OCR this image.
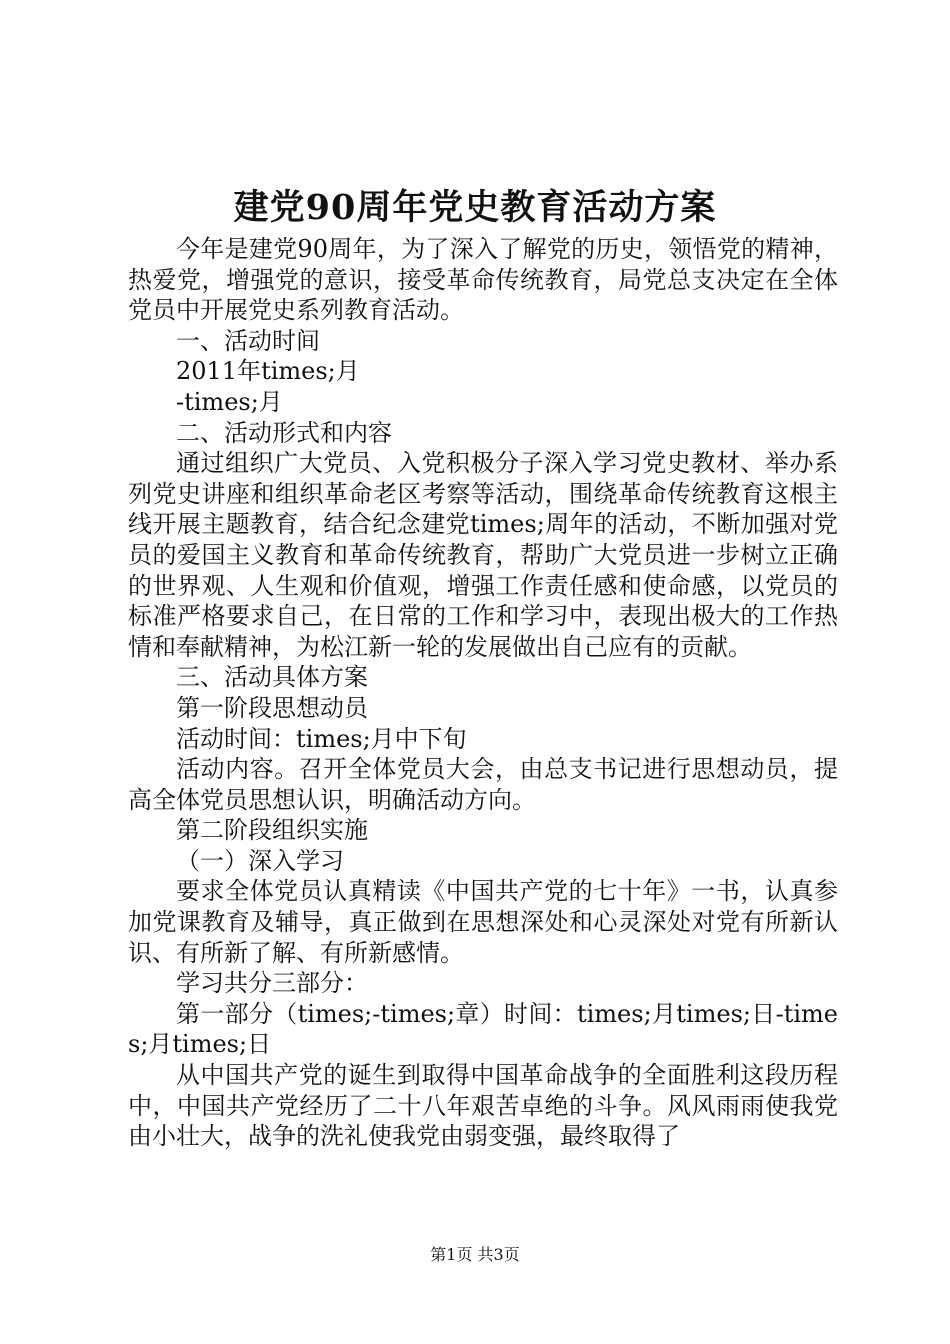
建党90周年党史教育活动方案

今年是建党90周年，为了深入了解党的历史，领悟党的精神，热爱党，增强党的意识，接受革命传统教育，局党总支决定在全体党员中开展党史系列教育活动。

一、活动时间

2011年times;月

-times;月

二、活动形式和内容

通过组织广大党员、入党积极分子深入学习党史教材、举办系列党史讲座和组织革命老区考察等活动，围绕革命传统教育这根主线开展主题教育，结合纪念建党times;周年的活动，不断加强对党员的爱国主义教育和革命传统教育，帮助广大党员进一步树立正确的世界观、人生观和价值观，增强工作责任感和使命感，以党员的标准严格要求自己，在日常的工作和学习中，表现出极大的工作热情和奉献精神，为松江新一轮的发展做出自己应有的贡献。

三、活动具体方案

第一阶段思想动员

活动时间：times;月中下旬

活动内容。召开全体党员大会，由总支书记进行思想动员，提高全体党员思想认识，明确活动方向。

第二阶段组织实施

（一）深入学习

要求全体党员认真精读《中国共产党的七十年》一书，认真参加党课教育及辅导，真正做到在思想深处和心灵深处对党有所新认识、有所新了解、有所新感情。

学习共分三部分：

第一部分（times;-times;章）时间：times;月times;日-times;月times;日

从中国共产党的诞生到取得中国革命战争的全面胜利这段历程中，中国共产党经历了二十八年艰苦卓绝的斗争。风风雨雨使我党由小壮大，战争的洗礼使我党由弱变强，最终取得了

第1页 共3页
